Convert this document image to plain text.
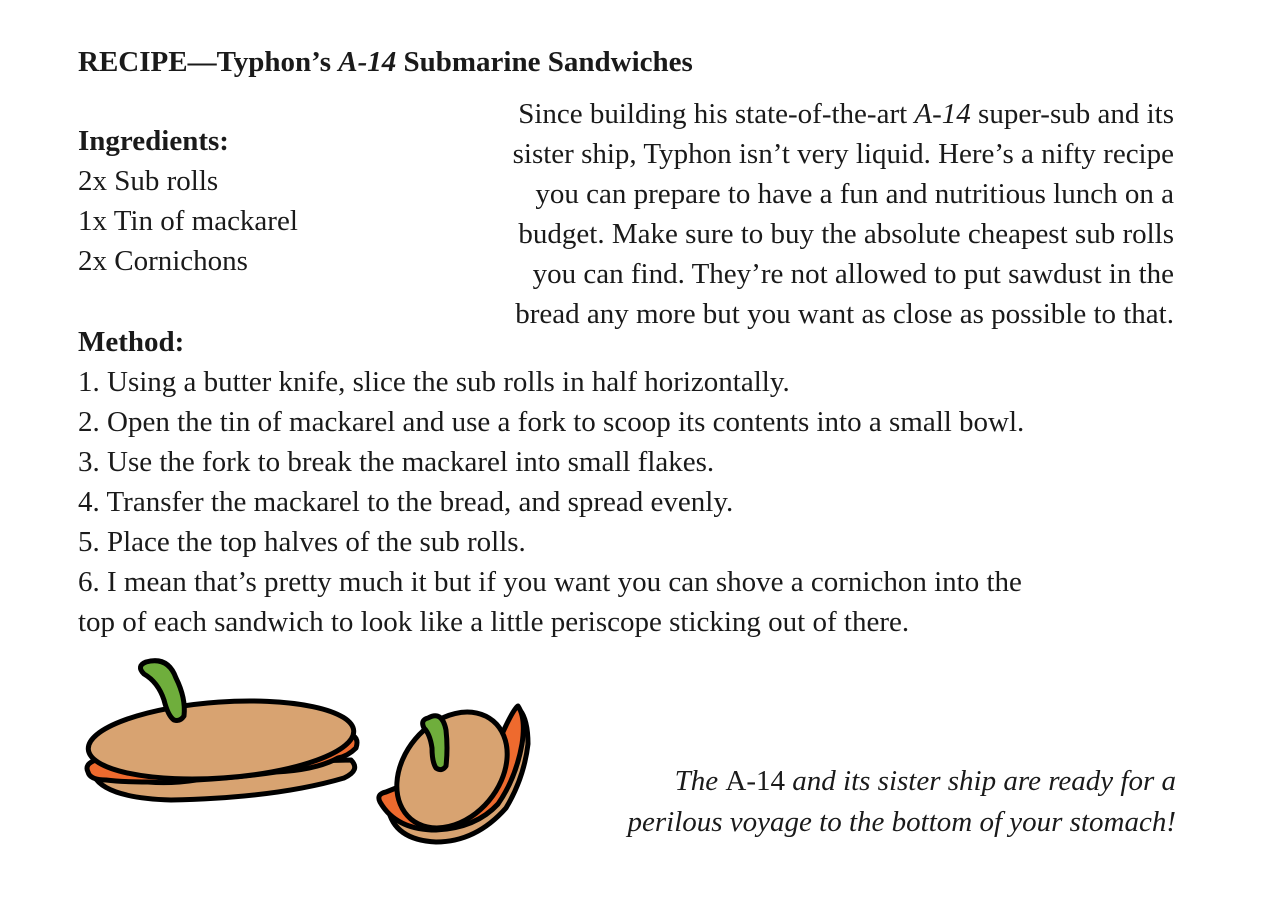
RECIPE—Typhon’s A-14 Submarine Sandwiches
Ingredients:
2x Sub rolls
1x Tin of mackarel
2x Cornichons
Since building his state-of-the-art A-14 super-sub and its
sister ship, Typhon isn’t very liquid. Here’s a nifty recipe
you can prepare to have a fun and nutritious lunch on a
budget. Make sure to buy the absolute cheapest sub rolls
you can find. They’re not allowed to put sawdust in the
bread any more but you want as close as possible to that.
Method:
1. Using a butter knife, slice the sub rolls in half horizontally.
2. Open the tin of mackarel and use a fork to scoop its contents into a small bowl.
3. Use the fork to break the mackarel into small flakes.
4. Transfer the mackarel to the bread, and spread evenly.
5. Place the top halves of the sub rolls.
6. I mean that’s pretty much it but if you want you can shove a cornichon into the
top of each sandwich to look like a little periscope sticking out of there.
The A-14 and its sister ship are ready for a
perilous voyage to the bottom of your stomach!
